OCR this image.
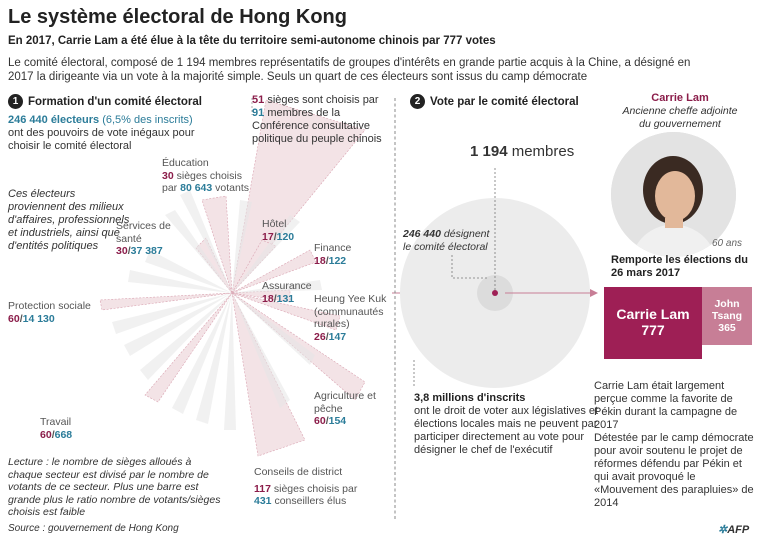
Le système électoral de Hong Kong
En 2017, Carrie Lam a été élue à la tête du territoire semi-autonome chinois par 777 votes
Le comité électoral, composé de 1 194 membres représentatifs de groupes d'intérêts en grande partie acquis à la Chine, a désigné en 2017 la dirigeante via un vote à la majorité simple. Seuls un quart de ces électeurs sont issus du camp démocrate
1 Formation d'un comité électoral
246 440 électeurs (6,5% des inscrits) ont des pouvoirs de vote inégaux pour choisir le comité électoral
Ces électeurs proviennent des milieux d'affaires, professionnels et industriels, ainsi que d'entités politiques
51 sièges sont choisis par 91 membres de la Conférence consultative politique du peuple chinois
Éducation
30 sièges choisis
par 80 643 votants
Services de santé
30/37 387
Hôtel
17/120
Finance
18/122
Assurance
18/131	Heung Yee Kuk (communautés rurales)
26/147
Protection sociale
60/14 130
Agriculture et pêche
60/154
Travail
60/668
Conseils de district
117 sièges choisis par
431 conseillers élus
Lecture : le nombre de sièges alloués à chaque secteur est divisé par le nombre de votants de ce secteur. Plus une barre est grande plus le ratio nombre de votants/sièges choisis est faible
Source : gouvernement de Hong Kong
2 Vote par le comité électoral
1 194 membres
246 440 désignent
le comité électoral
3,8 millions d'inscrits
ont le droit de voter aux législatives et élections locales mais ne peuvent par participer directement au vote pour désigner le chef de l'exécutif
Carrie Lam
Ancienne cheffe adjointe du gouvernement
60 ans
Remporte les élections du 26 mars 2017
Carrie Lam
777
John Tsang
365
Carrie Lam était largement perçue comme la favorite de Pékin durant la campagne de 2017
Détestée par le camp démocrate pour avoir soutenu le projet de réformes défendu par Pékin et qui avait provoqué le «Mouvement des parapluies» de 2014
✲AFP
